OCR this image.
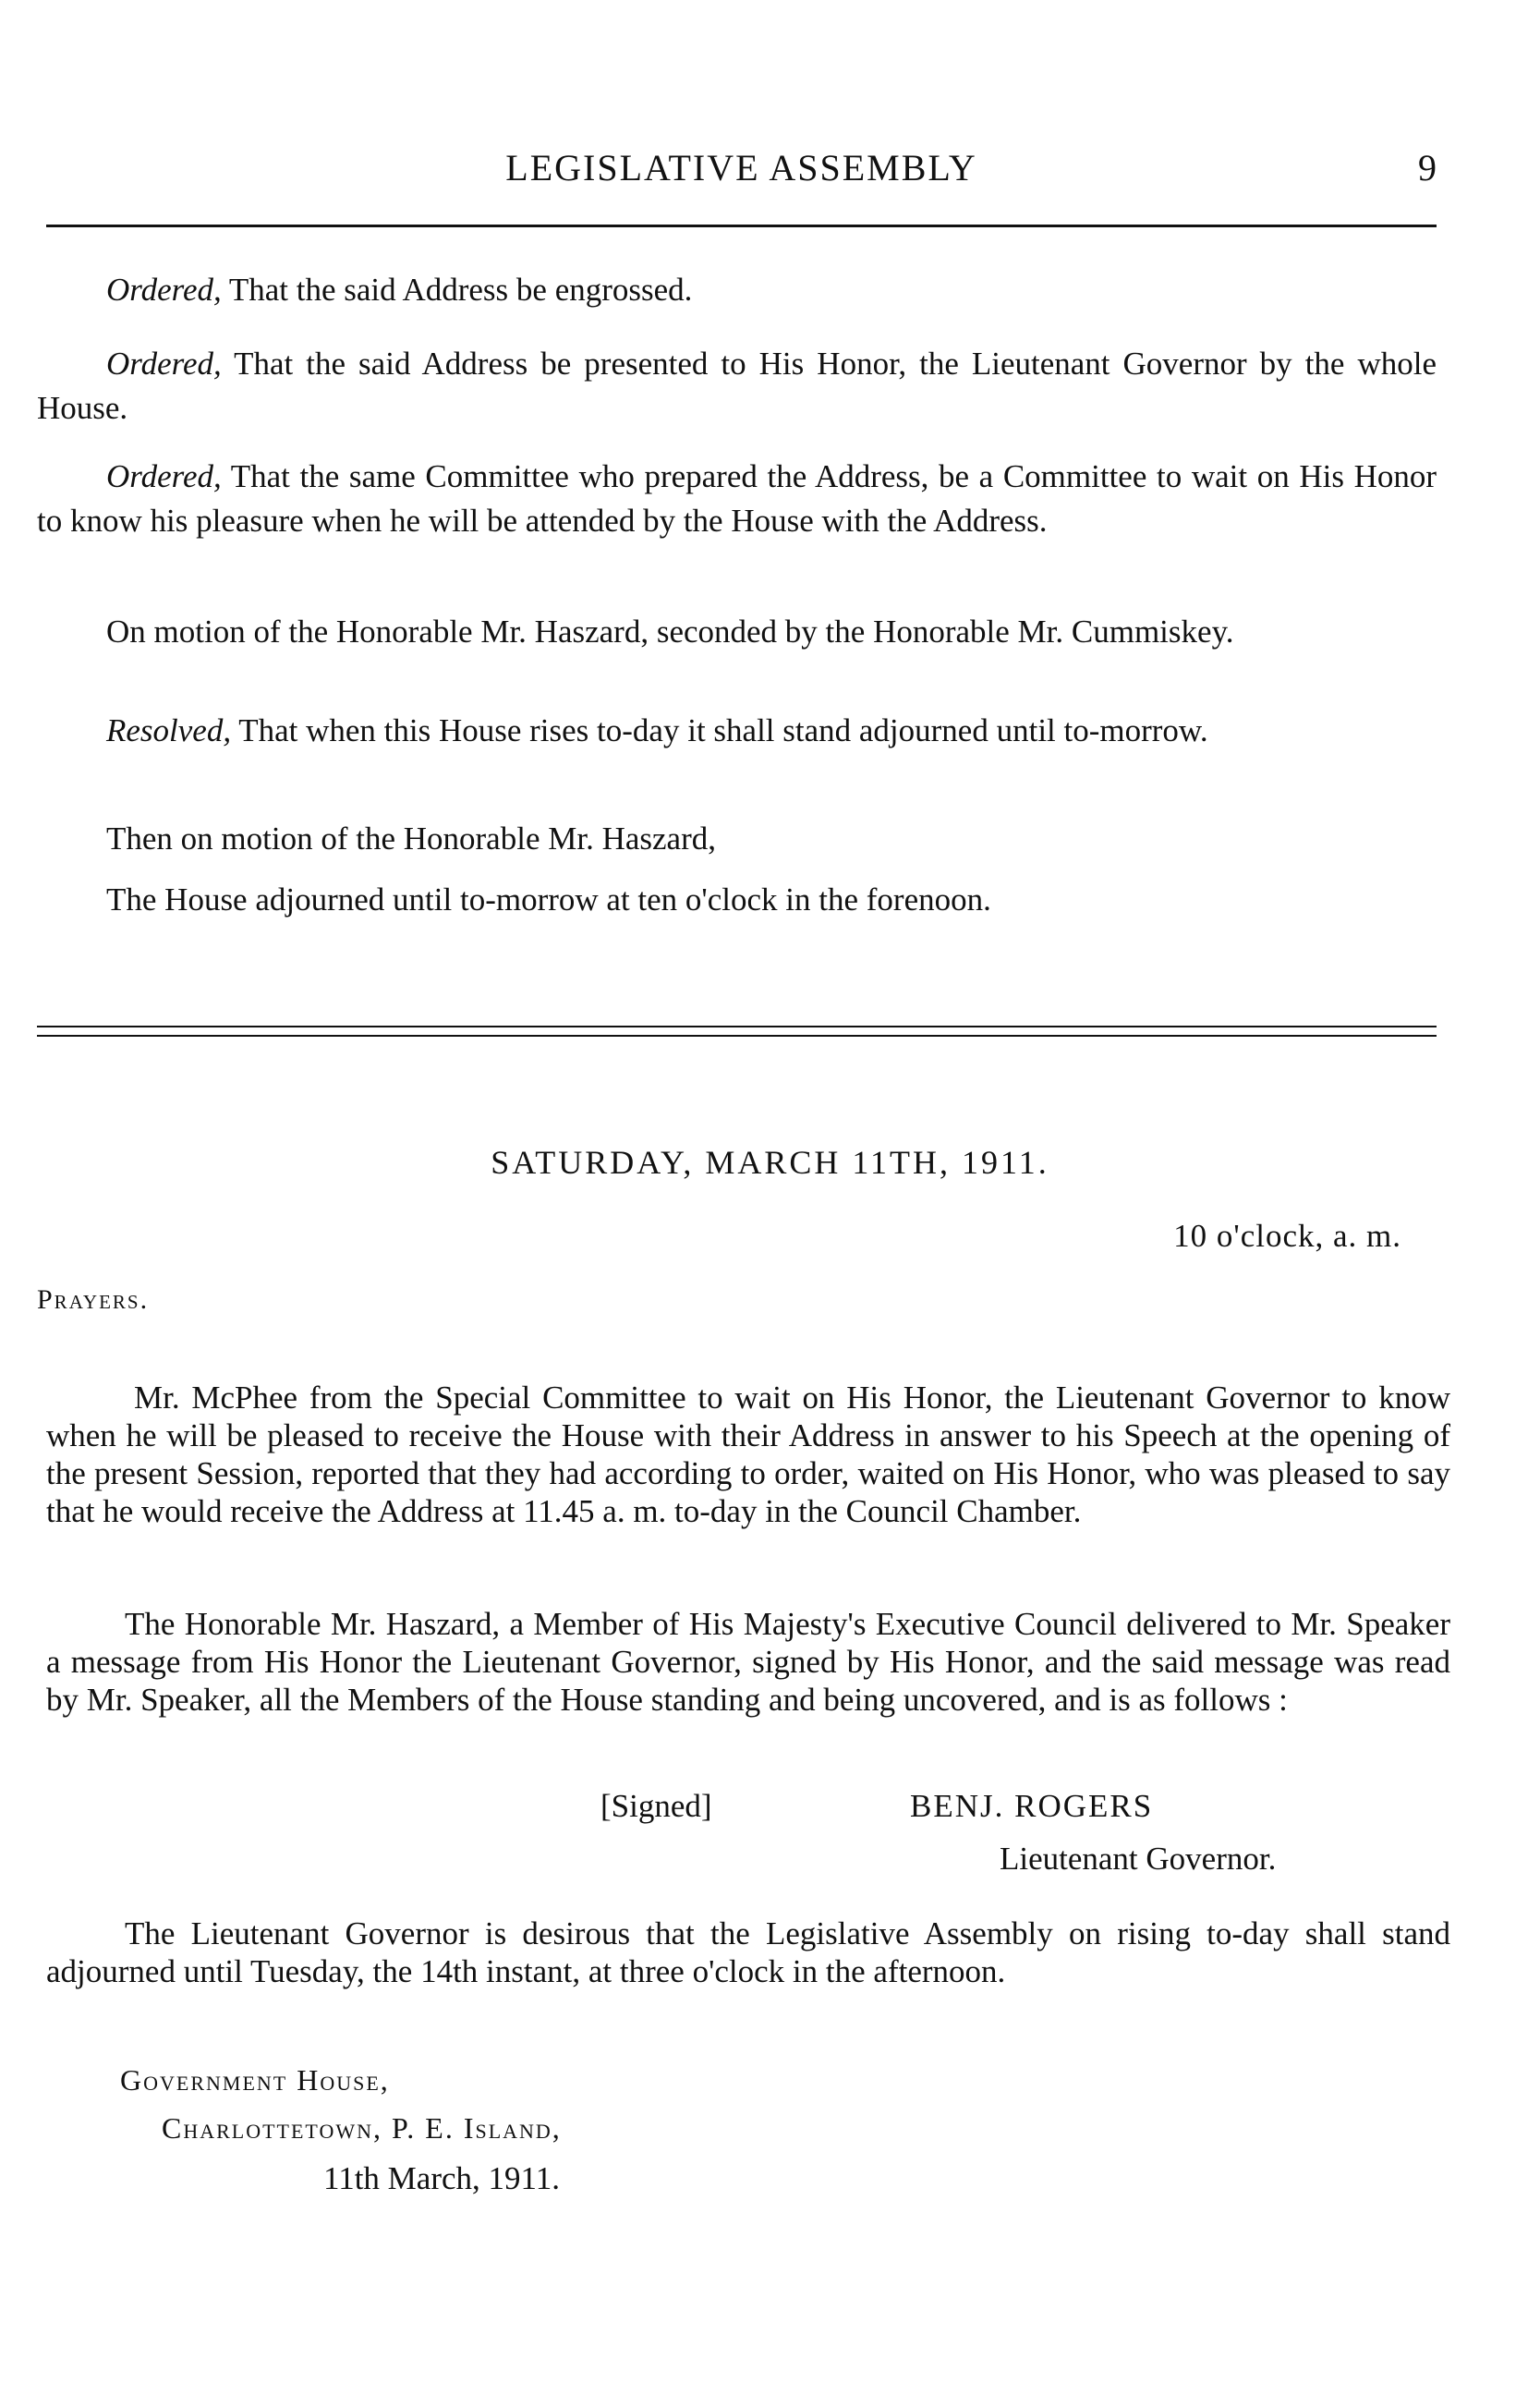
LEGISLATIVE ASSEMBLY	9
Ordered, That the said Address be engrossed.
Ordered, That the said Address be presented to His Honor, the Lieutenant Governor by the whole House.
Ordered, That the same Committee who prepared the Address, be a Committee to wait on His Honor to know his pleasure when he will be attended by the House with the Address.
On motion of the Honorable Mr. Haszard, seconded by the Honorable Mr. Cummiskey.
Resolved, That when this House rises to-day it shall stand adjourned until to-morrow.
Then on motion of the Honorable Mr. Haszard,
The House adjourned until to-morrow at ten o'clock in the forenoon.
SATURDAY, MARCH 11TH, 1911.
10 o'clock, a. m.
Prayers.
Mr. McPhee from the Special Committee to wait on His Honor, the Lieutenant Governor to know when he will be pleased to receive the House with their Address in answer to his Speech at the opening of the present Session, reported that they had according to order, waited on His Honor, who was pleased to say that he would receive the Address at 11.45 a. m. to-day in the Council Chamber.
The Honorable Mr. Haszard, a Member of His Majesty's Executive Council delivered to Mr. Speaker a message from His Honor the Lieutenant Governor, signed by His Honor, and the said message was read by Mr. Speaker, all the Members of the House standing and being uncovered, and is as follows :
[Signed]	BENJ. ROGERS
Lieutenant Governor.
The Lieutenant Governor is desirous that the Legislative Assembly on rising to-day shall stand adjourned until Tuesday, the 14th instant, at three o'clock in the afternoon.
Government House,
Charlottetown, P. E. Island,
11th March, 1911.
